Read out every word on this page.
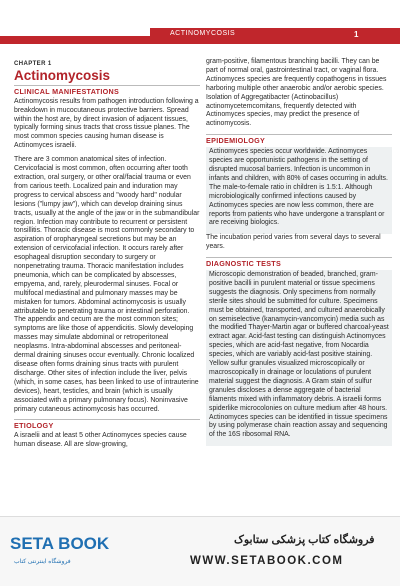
ACTINOMYCOSIS	1
CHAPTER 1
Actinomycosis
CLINICAL MANIFESTATIONS

Actinomycosis results from pathogen introduction following a breakdown in mucocutaneous protective barriers. Spread within the host are, by direct invasion of adjacent tissues, typically forming sinus tracts that cross tissue planes. The most common species causing human disease is Actinomyces israelii.

There are 3 common anatomical sites of infection. Cervicofacial is most common, often occurring after tooth extraction, oral surgery, or other oral/facial trauma or even from carious teeth. Localized pain and induration may progress to cervical abscess and "woody hard" nodular lesions ("lumpy jaw"), which can develop draining sinus tracts, usually at the angle of the jaw or in the submandibular region. Infection may contribute to recurrent or persistent tonsillitis. Thoracic disease is most commonly secondary to aspiration of oropharyngeal secretions but may be an extension of cervicofacial infection. It occurs rarely after esophageal disruption secondary to surgery or nonpenetrating trauma. Thoracic manifestation includes pneumonia, which can be complicated by abscesses, empyema, and, rarely, pleurodermal sinuses. Focal or multifocal mediastinal and pulmonary masses may be mistaken for tumors. Abdominal actinomycosis is usually attributable to penetrating trauma or intestinal perforation. The appendix and cecum are the most common sites; symptoms are like those of appendicitis. Slowly developing masses may simulate abdominal or retroperitoneal neoplasms. Intra-abdominal abscesses and peritoneal-dermal draining sinuses occur eventually. Chronic localized disease often forms draining sinus tracts with purulent discharge. Other sites of infection include the liver, pelvis (which, in some cases, has been linked to use of intrauterine devices), heart, testicles, and brain (which is usually associated with a primary pulmonary focus). Noninvasive primary cutaneous actinomycosis has occurred.

ETIOLOGY

A israelii and at least 5 other Actinomyces species cause human disease. All are slow-growing,

gram-positive, filamentous branching bacilli. They can be part of normal oral, gastrointestinal tract, or vaginal flora. Actinomyces species are frequently copathogens in tissues harboring multiple other anaerobic and/or aerobic species. Isolation of Aggregatibacter (Actinobacillus) actinomycetemcomitans, frequently detected with Actinomyces species, may predict the presence of actinomycosis.

EPIDEMIOLOGY

Actinomyces species occur worldwide. Actinomyces species are opportunistic pathogens in the setting of disrupted mucosal barriers. Infection is uncommon in infants and children, with 80% of cases occurring in adults. The male-to-female ratio in children is 1.5:1. Although microbiologically confirmed infections caused by Actinomyces species are now less common, there are reports from patients who have undergone a transplant or are receiving biologics.

The incubation period varies from several days to several years.

DIAGNOSTIC TESTS

Microscopic demonstration of beaded, branched, gram-positive bacilli in purulent material or tissue specimens suggests the diagnosis. Only specimens from normally sterile sites should be submitted for culture. Specimens must be obtained, transported, and cultured anaerobically on semiselective (kanamycin-vancomycin) media such as the modified Thayer-Martin agar or buffered charcoal-yeast extract agar. Acid-fast testing can distinguish Actinomyces species, which are acid-fast negative, from Nocardia species, which are variably acid-fast positive staining. Yellow sulfur granules visualized microscopically or macroscopically in drainage or loculations of purulent material suggest the diagnosis. A Gram stain of sulfur granules discloses a dense aggregate of bacterial filaments mixed with inflammatory debris. A israelii forms spiderlike microcolonies on culture medium after 48 hours. Actinomyces species can be identified in tissue specimens by using polymerase chain reaction assay and sequencing of the 16S ribosomal RNA.

SETA BOOK
فروشگاه اینترنتی کتاب
فروشگاه کتاب پزشکی ستابوک
WWW.SETABOOK.COM
